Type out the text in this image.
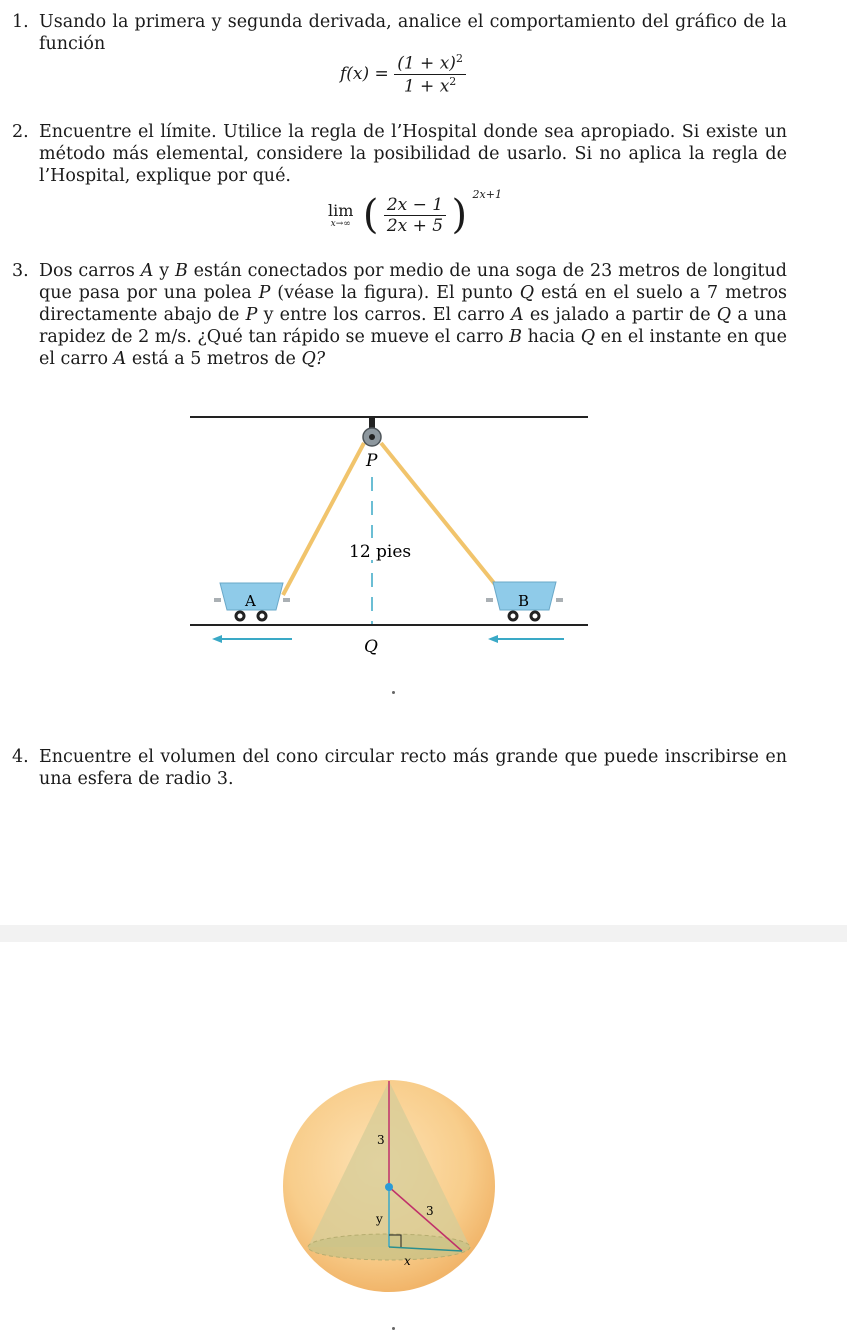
1. Usando la primera y segunda derivada, analice el comportamiento del gráfico de la función
$f(x) = \frac{(1 + x)^2}{1 + x^2}$
2. Encuentre el límite. Utilice la regla de l’Hospital donde sea apropiado. Si existe un método más elemental, considere la posibilidad de usarlo. Si no aplica la regla de l’Hospital, explique por qué.
lim
x→∞ ( $\frac{2x - 1}{2x + 5}$ ) $^{2x+1}$
3. Dos carros A y B están conectados por medio de una soga de 23 metros de longitud que pasa por una polea P (véase la figura). El punto Q está en el suelo a 7 metros directamente abajo de P y entre los carros. El carro A es jalado a partir de Q a una rapidez de 2 m/s. ¿Qué tan rápido se mueve el carro B hacia Q en el instante en que el carro A está a 5 metros de Q?
P
12 pies
A	B
Q
4. Encuentre el volumen del cono circular recto más grande que puede inscribirse en una esfera de radio 3.
3
3
y
x
